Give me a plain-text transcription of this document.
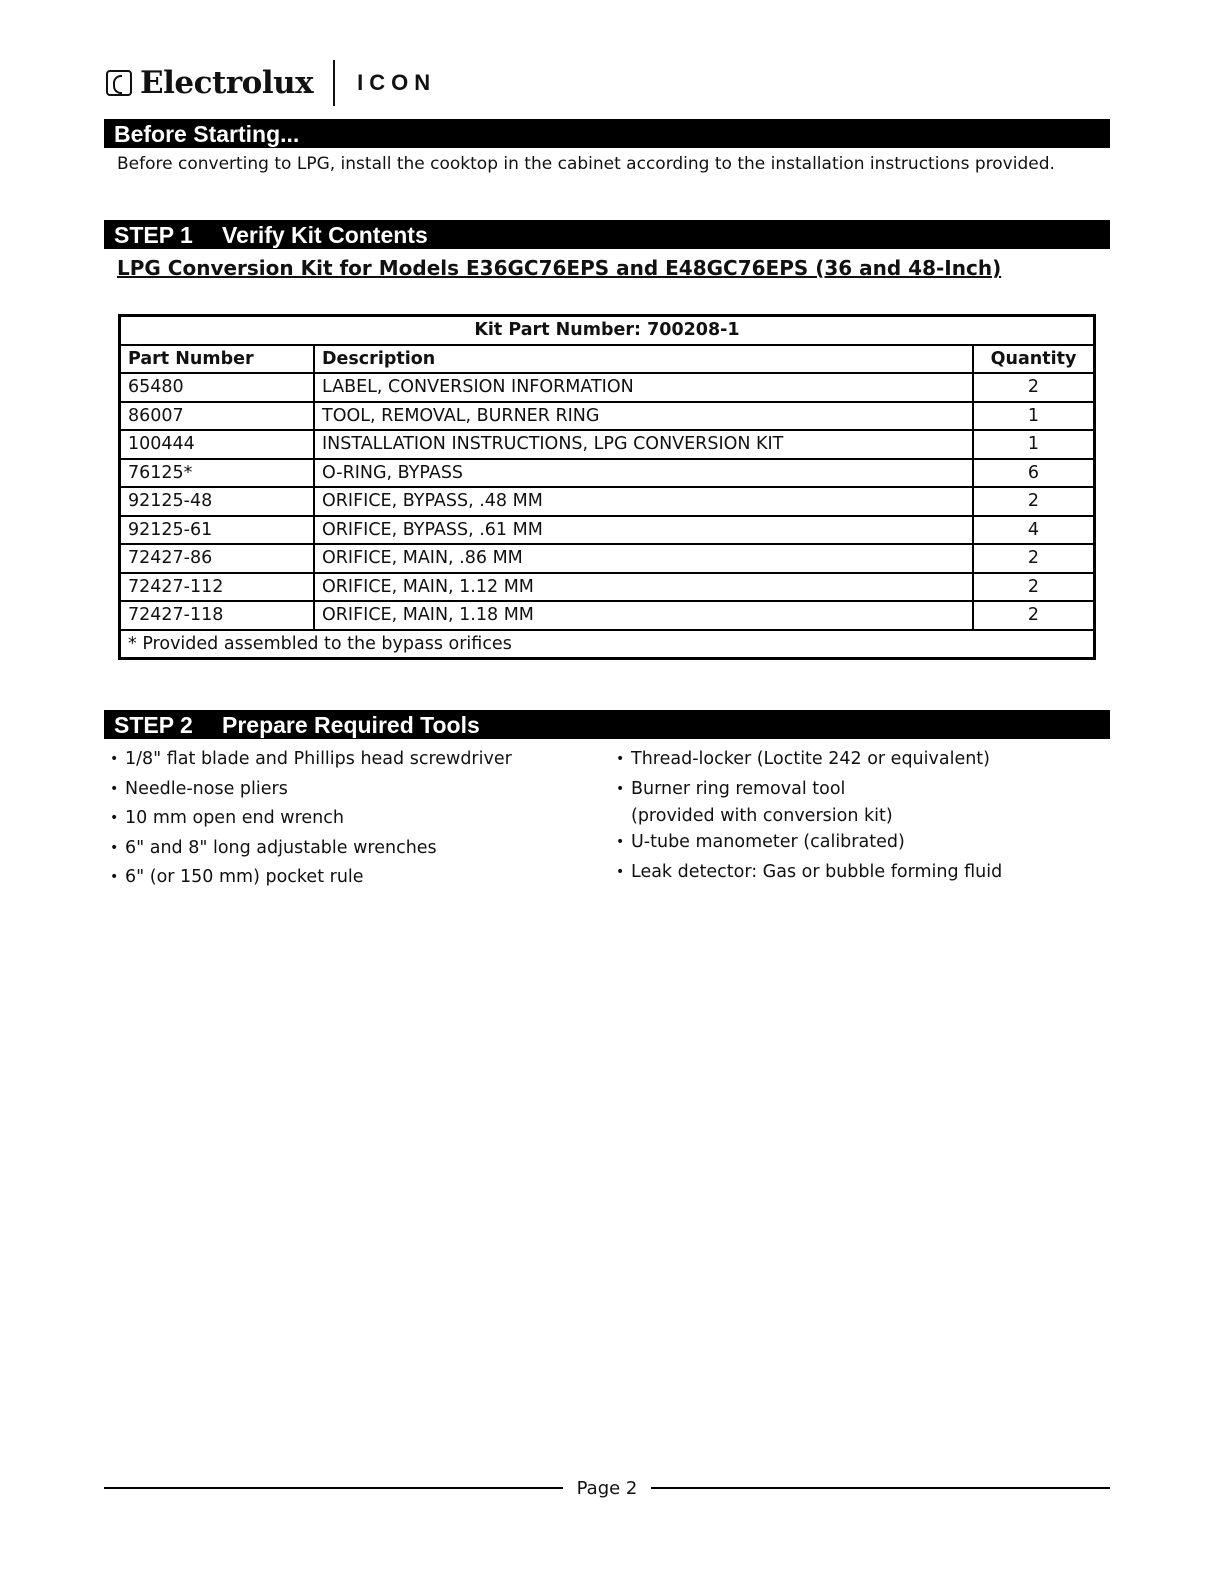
Electrolux ICON
Before Starting...
Before converting to LPG, install the cooktop in the cabinet according to the installation instructions provided.
STEP 1 Verify Kit Contents
LPG Conversion Kit for Models E36GC76EPS and E48GC76EPS (36 and 48-Inch)
Kit Part Number: 700208-1		
Part Number	Description	Quantity
65480	LABEL, CONVERSION INFORMATION	2
86007	TOOL, REMOVAL, BURNER RING	1
100444	INSTALLATION INSTRUCTIONS, LPG CONVERSION KIT	1
76125*	O-RING, BYPASS	6
92125-48	ORIFICE, BYPASS, .48 MM	2
92125-61	ORIFICE, BYPASS, .61 MM	4
72427-86	ORIFICE, MAIN, .86 MM	2
72427-112	ORIFICE, MAIN, 1.12 MM	2
72427-118	ORIFICE, MAIN, 1.18 MM	2
* Provided assembled to the bypass orifices		
STEP 2 Prepare Required Tools
• 1/8" flat blade and Phillips head screwdriver
• Needle-nose pliers
• 10 mm open end wrench
• 6" and 8" long adjustable wrenches
• 6" (or 150 mm) pocket rule
• Thread-locker (Loctite 242 or equivalent)
• Burner ring removal tool
(provided with conversion kit)
• U-tube manometer (calibrated)
• Leak detector: Gas or bubble forming fluid
Page 2
